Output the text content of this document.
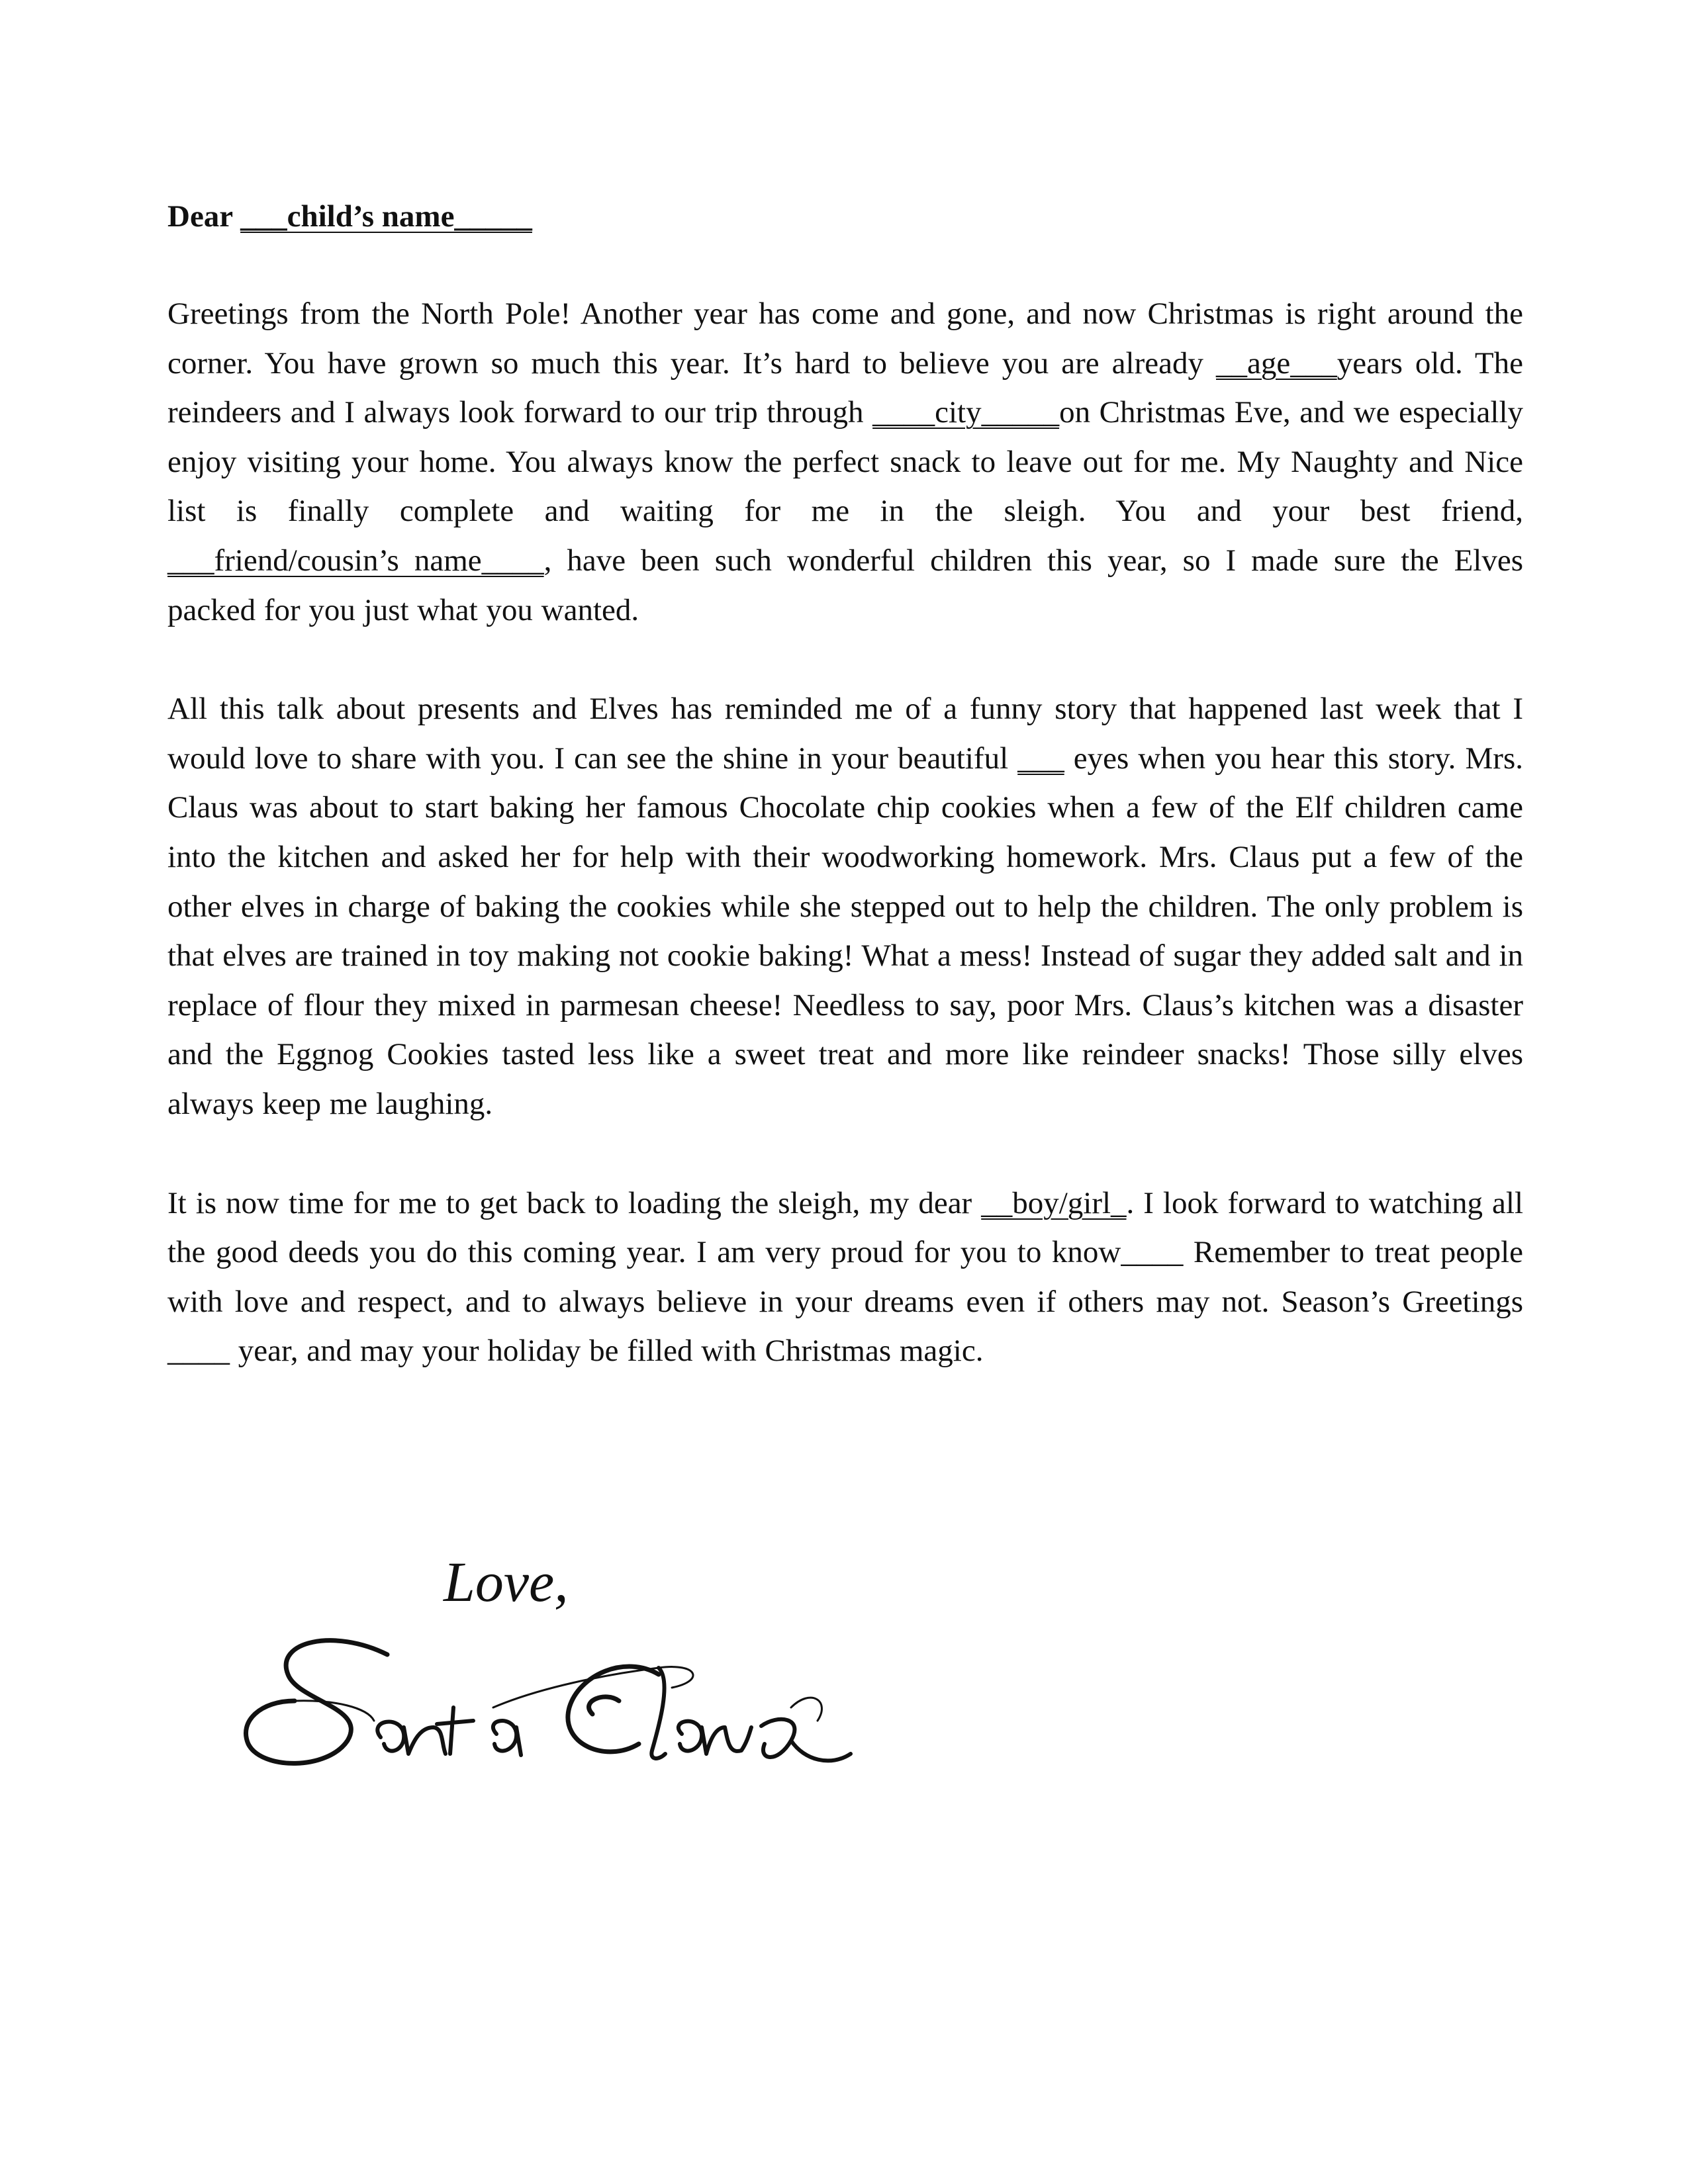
Dear ___child’s name_____

Greetings from the North Pole! Another year has come and gone, and now Christmas is right around the corner. You have grown so much this year. It’s hard to believe you are already __age___years old. The reindeers and I always look forward to our trip through ____city_____on Christmas Eve, and we especially enjoy visiting your home. You always know the perfect snack to leave out for me. My Naughty and Nice list is finally complete and waiting for me in the sleigh. You and your best friend, ___friend/cousin’s name____, have been such wonderful children this year, so I made sure the Elves packed for you just what you wanted.

All this talk about presents and Elves has reminded me of a funny story that happened last week that I would love to share with you. I can see the shine in your beautiful ___ eyes when you hear this story. Mrs. Claus was about to start baking her famous Chocolate chip cookies when a few of the Elf children came into the kitchen and asked her for help with their woodworking homework. Mrs. Claus put a few of the other elves in charge of baking the cookies while she stepped out to help the children. The only problem is that elves are trained in toy making not cookie baking! What a mess! Instead of sugar they added salt and in replace of flour they mixed in parmesan cheese! Needless to say, poor Mrs. Claus’s kitchen was a disaster and the Eggnog Cookies tasted less like a sweet treat and more like reindeer snacks! Those silly elves always keep me laughing.

It is now time for me to get back to loading the sleigh, my dear __boy/girl_. I look forward to watching all the good deeds you do this coming year. I am very proud for you to know____ Remember to treat people with love and respect, and to always believe in your dreams even if others may not. Season’s Greetings ____ year, and may your holiday be filled with Christmas magic.

Love,
